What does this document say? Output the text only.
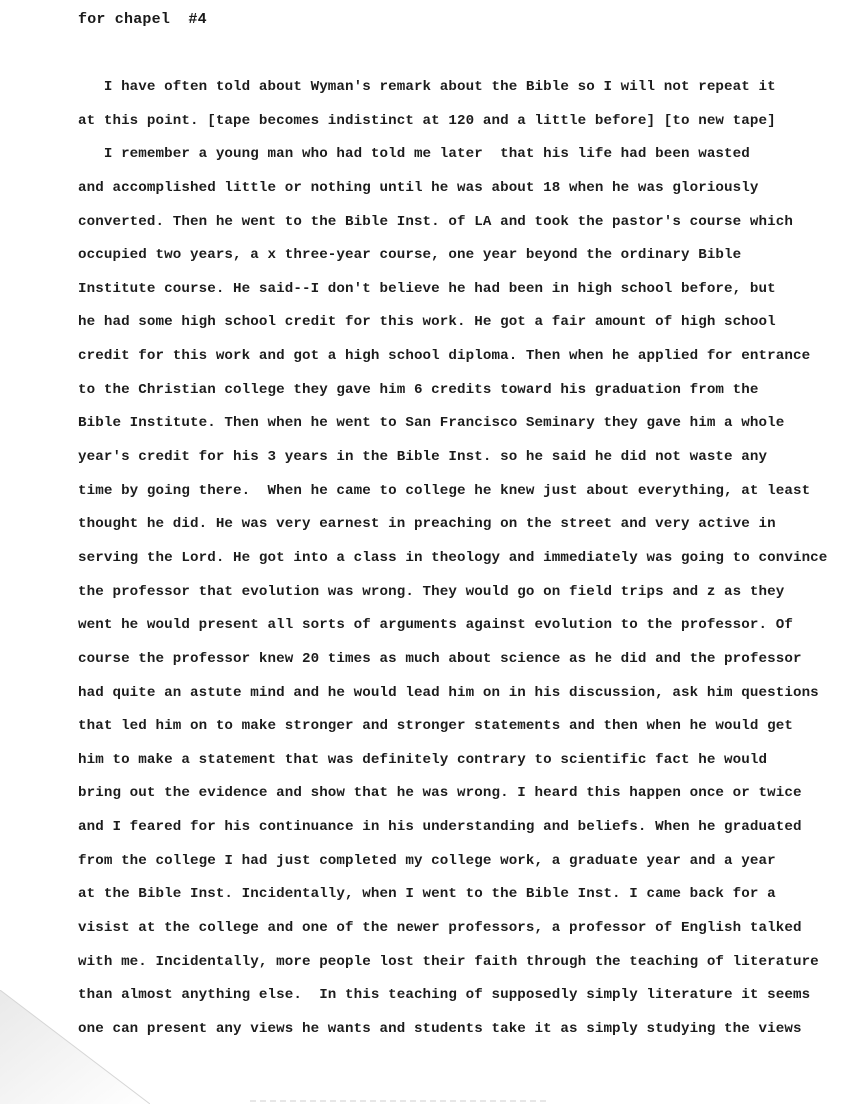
for chapel  #4
I have often told about Wyman's remark about the Bible so I will not repeat it
at this point. [tape becomes indistinct at 120 and a little before] [to new tape]
I remember a young man who had told me later  that his life had been wasted
and accomplished little or nothing until he was about 18 when he was gloriously
converted. Then he went to the Bible Inst. of LA and took the pastor's course which
occupied two years, a x three-year course, one year beyond the ordinary Bible
Institute course. He said--I don't believe he had been in high school before, but
he had some high school credit for this work. He got a fair amount of high school
credit for this work and got a high school diploma. Then when he applied for entrance
to the Christian college they gave him 6 credits toward his graduation from the
Bible Institute. Then when he went to San Francisco Seminary they gave him a whole
year's credit for his 3 years in the Bible Inst. so he said he did not waste any
time by going there.  When he came to college he knew just about everything, at least
thought he did. He was very earnest in preaching on the street and very active in
serving the Lord. He got into a class in theology and immediately was going to convince
the professor that evolution was wrong. They would go on field trips and z as they
went he would present all sorts of arguments against evolution to the professor. Of
course the professor knew 20 times as much about science as he did and the professor
had quite an astute mind and he would lead him on in his discussion, ask him questions
that led him on to make stronger and stronger statements and then when he would get
him to make a statement that was definitely contrary to scientific fact he would
bring out the evidence and show that he was wrong. I heard this happen once or twice
and I feared for his continuance in his understanding and beliefs. When he graduated
from the college I had just completed my college work, a graduate year and a year
at the Bible Inst. Incidentally, when I went to the Bible Inst. I came back for a
visist at the college and one of the newer professors, a professor of English talked
with me. Incidentally, more people lost their faith through the teaching of literature
than almost anything else.  In this teaching of supposedly simply literature it seems
one can present any views he wants and students take it as simply studying the views
